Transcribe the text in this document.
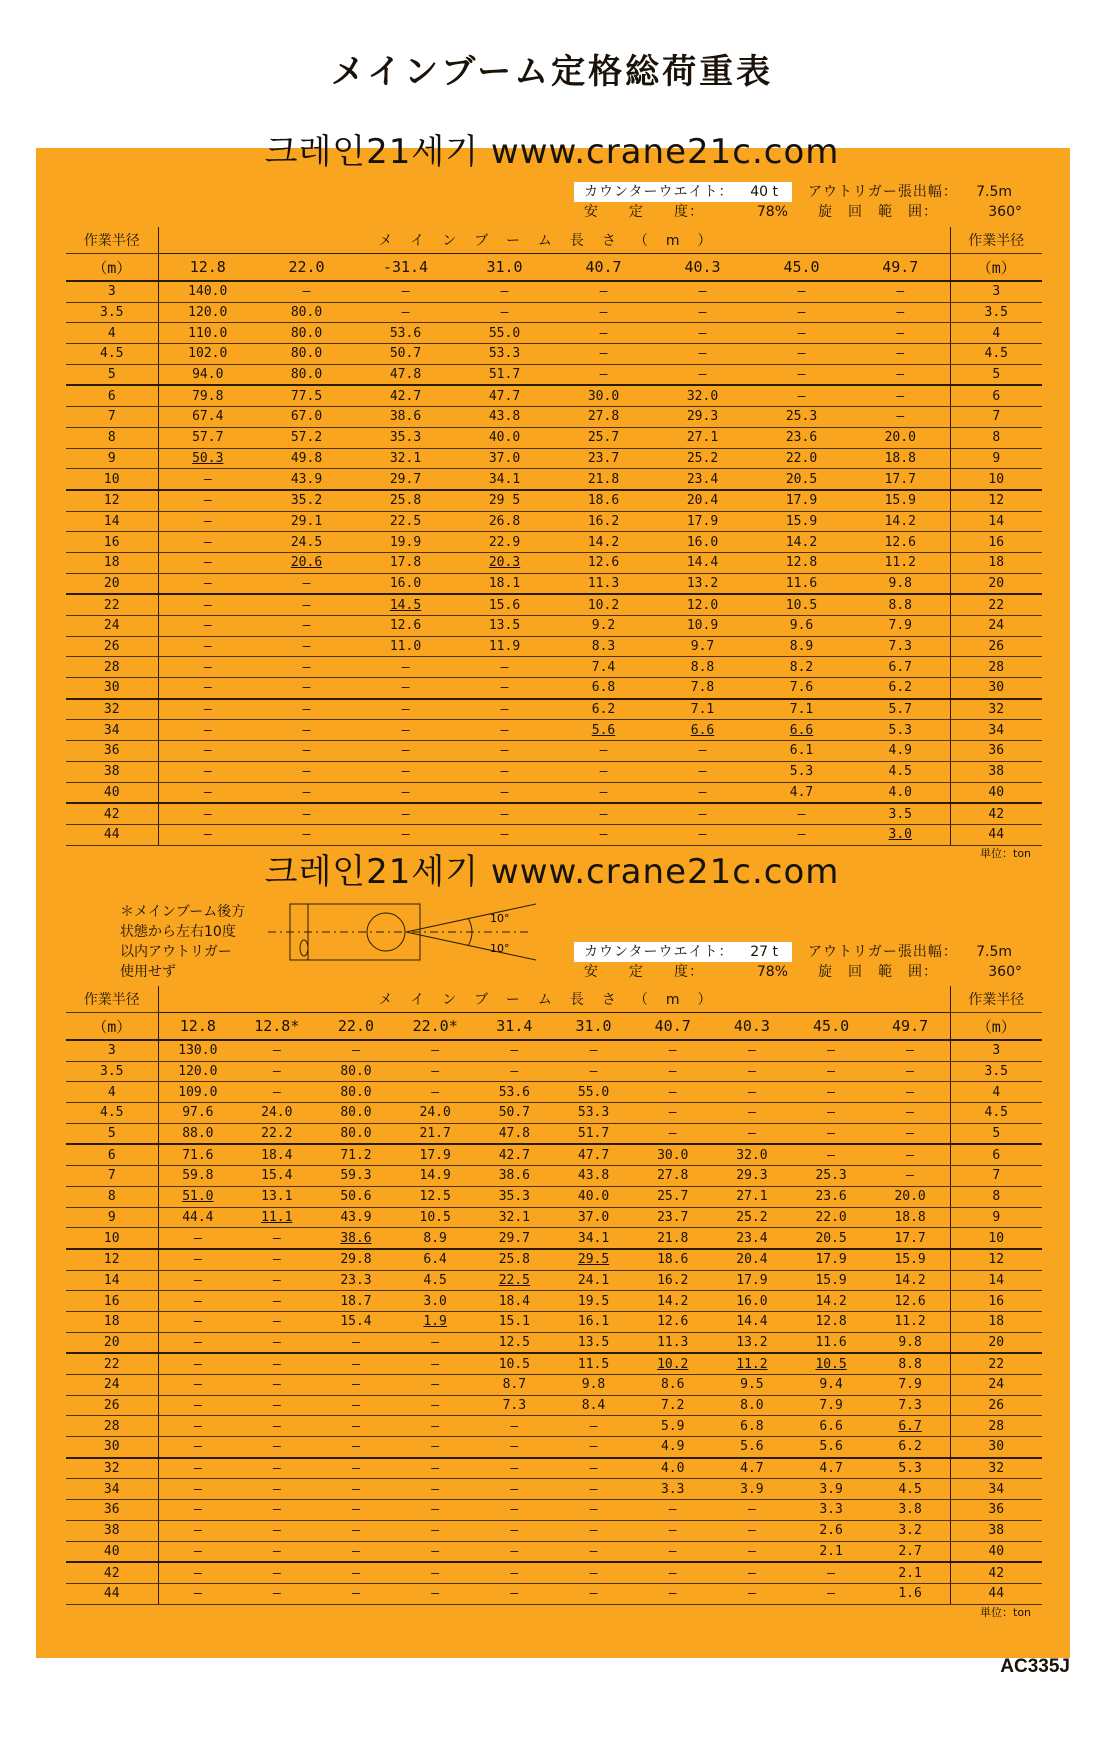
メインブーム定格総荷重表
크레인21세기 www.crane21c.com
カウンターウエイト： 40 t	アウトリガー張出幅：	7.5m
安　　定　　度：	78% 旋　回　範　囲：	360°
作業半径	メインブーム長さ（m）								作業半径
（m）	12.8	22.0	-31.4	31.0	40.7	40.3	45.0	49.7	（m）
3	140.0	—	—	—	—	—	—	—	3
3.5	120.0	80.0	—	—	—	—	—	—	3.5
4	110.0	80.0	53.6	55.0	—	—	—	—	4
4.5	102.0	80.0	50.7	53.3	—	—	—	—	4.5
5	94.0	80.0	47.8	51.7	—	—	—	—	5
6	79.8	77.5	42.7	47.7	30.0	32.0	—	—	6
7	67.4	67.0	38.6	43.8	27.8	29.3	25.3	—	7
8	57.7	57.2	35.3	40.0	25.7	27.1	23.6	20.0	8
9	50.3	49.8	32.1	37.0	23.7	25.2	22.0	18.8	9
10	—	43.9	29.7	34.1	21.8	23.4	20.5	17.7	10
12	—	35.2	25.8	29 5	18.6	20.4	17.9	15.9	12
14	—	29.1	22.5	26.8	16.2	17.9	15.9	14.2	14
16	—	24.5	19.9	22.9	14.2	16.0	14.2	12.6	16
18	—	20.6	17.8	20.3	12.6	14.4	12.8	11.2	18
20	—	—	16.0	18.1	11.3	13.2	11.6	9.8	20
22	—	—	14.5	15.6	10.2	12.0	10.5	8.8	22
24	—	—	12.6	13.5	9.2	10.9	9.6	7.9	24
26	—	—	11.0	11.9	8.3	9.7	8.9	7.3	26
28	—	—	—	—	7.4	8.8	8.2	6.7	28
30	—	—	—	—	6.8	7.8	7.6	6.2	30
32	—	—	—	—	6.2	7.1	7.1	5.7	32
34	—	—	—	—	5.6	6.6	6.6	5.3	34
36	—	—	—	—	—	—	6.1	4.9	36
38	—	—	—	—	—	—	5.3	4.5	38
40	—	—	—	—	—	—	4.7	4.0	40
42	—	—	—	—	—	—	—	3.5	42
44	—	—	—	—	—	—	—	3.0	44
単位：ton
크레인21세기 www.crane21c.com
＊メインブーム後方
状態から左右10度
以内アウトリガー
使用せず
10°
10°	カウンターウエイト： 27 t	アウトリガー張出幅：	7.5m
安　　定　　度：	78% 旋　回　範　囲：	360°
作業半径	メインブーム長さ（m）										作業半径
（m）	12.8	12.8*	22.0	22.0*	31.4	31.0	40.7	40.3	45.0	49.7	（m）
3	130.0	—	—	—	—	—	—	—	—	—	3
3.5	120.0	—	80.0	—	—	—	—	—	—	—	3.5
4	109.0	—	80.0	—	53.6	55.0	—	—	—	—	4
4.5	97.6	24.0	80.0	24.0	50.7	53.3	—	—	—	—	4.5
5	88.0	22.2	80.0	21.7	47.8	51.7	—	—	—	—	5
6	71.6	18.4	71.2	17.9	42.7	47.7	30.0	32.0	—	—	6
7	59.8	15.4	59.3	14.9	38.6	43.8	27.8	29.3	25.3	—	7
8	51.0	13.1	50.6	12.5	35.3	40.0	25.7	27.1	23.6	20.0	8
9	44.4	11.1	43.9	10.5	32.1	37.0	23.7	25.2	22.0	18.8	9
10	—	—	38.6	8.9	29.7	34.1	21.8	23.4	20.5	17.7	10
12	—	—	29.8	6.4	25.8	29.5	18.6	20.4	17.9	15.9	12
14	—	—	23.3	4.5	22.5	24.1	16.2	17.9	15.9	14.2	14
16	—	—	18.7	3.0	18.4	19.5	14.2	16.0	14.2	12.6	16
18	—	—	15.4	1.9	15.1	16.1	12.6	14.4	12.8	11.2	18
20	—	—	—	—	12.5	13.5	11.3	13.2	11.6	9.8	20
22	—	—	—	—	10.5	11.5	10.2	11.2	10.5	8.8	22
24	—	—	—	—	8.7	9.8	8.6	9.5	9.4	7.9	24
26	—	—	—	—	7.3	8.4	7.2	8.0	7.9	7.3	26
28	—	—	—	—	—	—	5.9	6.8	6.6	6.7	28
30	—	—	—	—	—	—	4.9	5.6	5.6	6.2	30
32	—	—	—	—	—	—	4.0	4.7	4.7	5.3	32
34	—	—	—	—	—	—	3.3	3.9	3.9	4.5	34
36	—	—	—	—	—	—	—	—	3.3	3.8	36
38	—	—	—	—	—	—	—	—	2.6	3.2	38
40	—	—	—	—	—	—	—	—	2.1	2.7	40
42	—	—	—	—	—	—	—	—	—	2.1	42
44	—	—	—	—	—	—	—	—	—	1.6	44
単位：ton
AC335J
